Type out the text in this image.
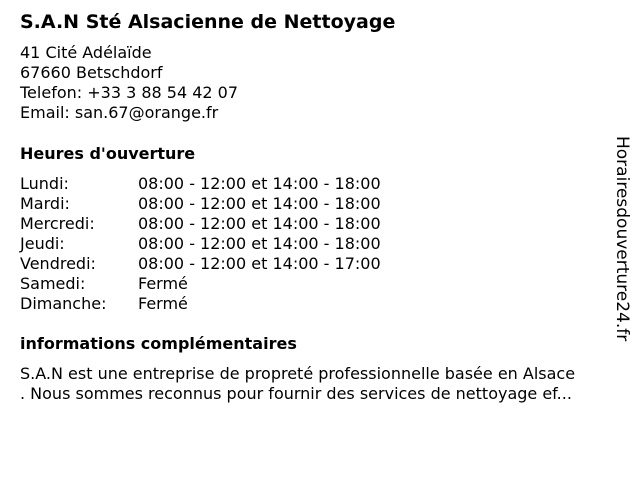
S.A.N Sté Alsacienne de Nettoyage
41 Cité Adélaïde
67660 Betschdorf
Telefon: +33 3 88 54 42 07
Email: san.67@orange.fr
Heures d'ouverture
Lundi:	08:00 - 12:00 et 14:00 - 18:00
Mardi:	08:00 - 12:00 et 14:00 - 18:00
Mercredi:	08:00 - 12:00 et 14:00 - 18:00
Jeudi:	08:00 - 12:00 et 14:00 - 18:00
Vendredi:	08:00 - 12:00 et 14:00 - 17:00
Samedi:	Fermé
Dimanche:	Fermé
informations complémentaires
S.A.N est une entreprise de propreté professionnelle basée en Alsace
. Nous sommes reconnus pour fournir des services de nettoyage ef...
Horairesdouverture24.fr
